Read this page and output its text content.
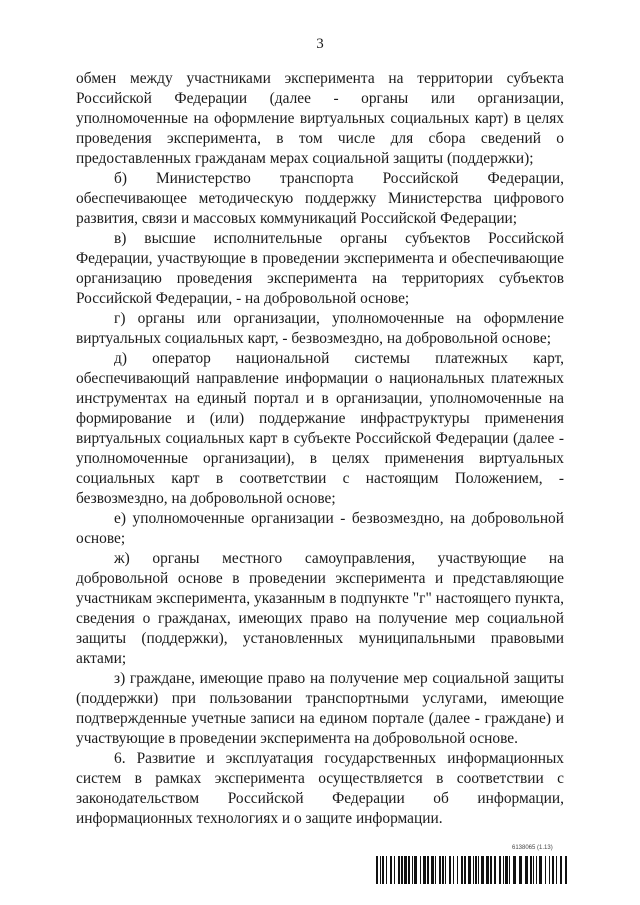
3

обмен между участниками эксперимента на территории субъекта Российской Федерации (далее - органы или организации, уполномоченные на оформление виртуальных социальных карт) в целях проведения эксперимента, в том числе для сбора сведений о предоставленных гражданам мерах социальной защиты (поддержки);

б) Министерство транспорта Российской Федерации, обеспечивающее методическую поддержку Министерства цифрового развития, связи и массовых коммуникаций Российской Федерации;

в) высшие исполнительные органы субъектов Российской Федерации, участвующие в проведении эксперимента и обеспечивающие организацию проведения эксперимента на территориях субъектов Российской Федерации, - на добровольной основе;

г) органы или организации, уполномоченные на оформление виртуальных социальных карт, - безвозмездно, на добровольной основе;

д) оператор национальной системы платежных карт, обеспечивающий направление информации о национальных платежных инструментах на единый портал и в организации, уполномоченные на формирование и (или) поддержание инфраструктуры применения виртуальных социальных карт в субъекте Российской Федерации (далее - уполномоченные организации), в целях применения виртуальных социальных карт в соответствии с настоящим Положением, - безвозмездно, на добровольной основе;

е) уполномоченные организации - безвозмездно, на добровольной основе;

ж) органы местного самоуправления, участвующие на добровольной основе в проведении эксперимента и представляющие участникам эксперимента, указанным в подпункте "г" настоящего пункта, сведения о гражданах, имеющих право на получение мер социальной защиты (поддержки), установленных муниципальными правовыми актами;

з) граждане, имеющие право на получение мер социальной защиты (поддержки) при пользовании транспортными услугами, имеющие подтвержденные учетные записи на едином портале (далее - граждане) и участвующие в проведении эксперимента на добровольной основе.

6. Развитие и эксплуатация государственных информационных систем в рамках эксперимента осуществляется в соответствии с законодательством Российской Федерации об информации, информационных технологиях и о защите информации.

6138065 (1.13)
